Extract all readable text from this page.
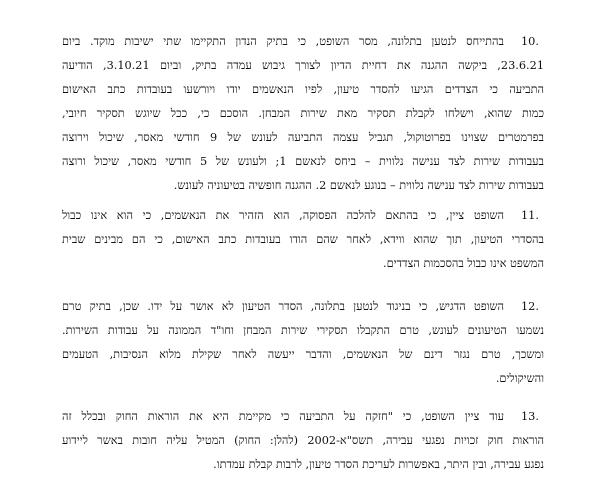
10.
בהתייחס לנטען בתלונה, מסר השופט, כי בתיק הנדון התקיימו שתי ישיבות מוקד. ביום
23.6.21, ביקשה ההגנה את דחיית הדיון לצורך גיבוש עמדה בתיק, וביום 3.10.21, הודיעה
התביעה כי הצדדים הגיעו להסדר טיעון, לפיו הנאשמים יודו ויורשעו בעובדות כתב האישום
כמות שהוא, וישלחו לקבלת תסקיר מאת שירות המבחן. הוסכם כי, ככל שיוגש תסקיר חיובי,
בפרמטרים שצוינו בפרוטוקול, תגביל עצמה התביעה לעונש של 9 חודשי מאסר, שיכול וירוצה
בעבודות שירות לצד ענישה נלווית – ביחס לנאשם 1; ולעונש של 5 חודשי מאסר, שיכול ורוצה
בעבודות שירות לצד ענישה נלווית – בנוגע לנאשם 2. ההגנה חופשיה בטיעוניה לעונש.
11.
השופט ציין, כי בהתאם להלכה הפסוקה, הוא הזהיר את הנאשמים, כי הוא אינו כבול
בהסדרי הטיעון, תוך שהוא ווידא, לאחר שהם הודו בעובדות כתב האישום, כי הם מבינים שבית
המשפט אינו כבול בהסכמות הצדדים.
12.
השופט הדגיש, כי בניגוד לנטען בתלונה, הסדר הטיעון לא אושר על ידו. שכן, בתיק טרם
נשמעו הטיעונים לעונש, טרם התקבלו תסקירי שירות המבחן וחו"ד הממונה על עבודות השירות.
ומשכך, טרם נגזר דינם של הנאשמים, והדבר ייעשה לאחר שקילת מלוא הנסיבות, הטעמים
והשיקולים.
13.
עוד ציין השופט, כי "חזקה על התביעה כי מקיימת היא את הוראות החוק ובכלל זה
הוראות חוק זכויות נפגעי עבירה, תשס"א-2002 (להלן: החוק) המטיל עליה חובות באשר ליידוע
נפגע עבירה, ובין היתר, באפשרות לעריכת הסדר טיעון, לרבות קבלת עמדתו.
